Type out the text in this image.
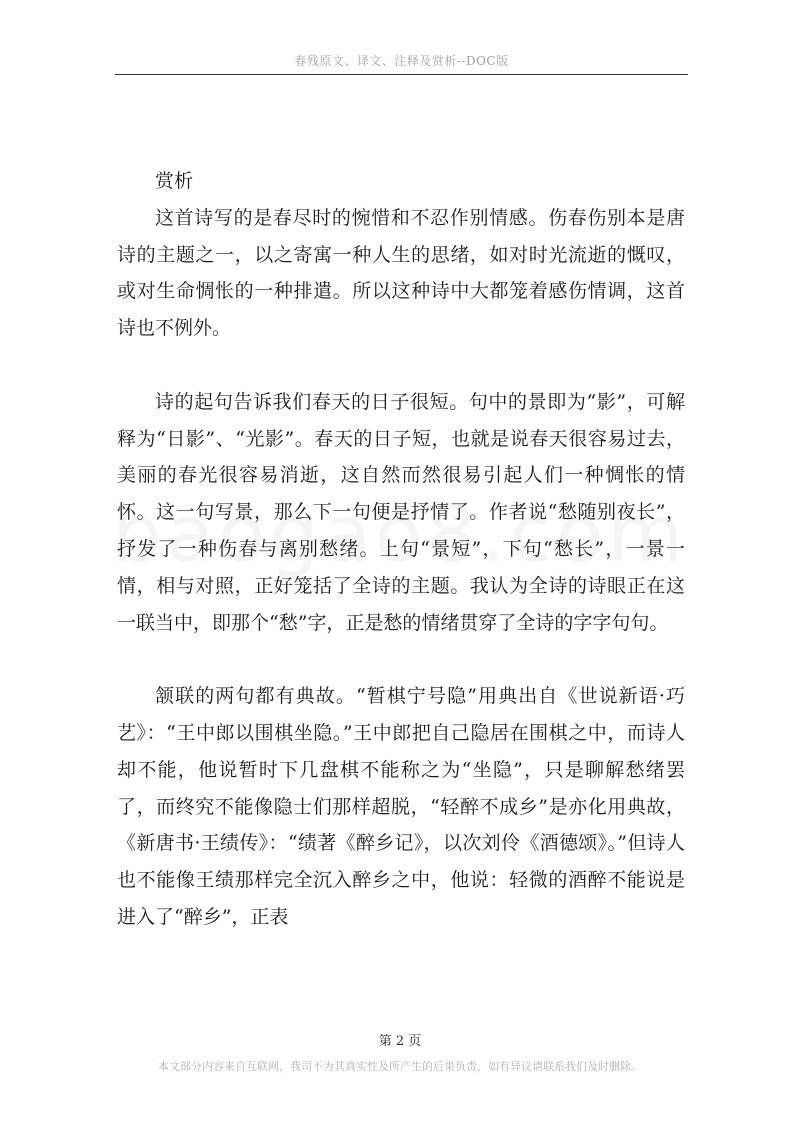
春残原文、译文、注释及赏析--DOC版

赏析

这首诗写的是春尽时的惋惜和不忍作别情感。伤春伤别本是唐诗的主题之一，以之寄寓一种人生的思绪，如对时光流逝的慨叹，或对生命惆怅的一种排遣。所以这种诗中大都笼着感伤情调，这首诗也不例外。

诗的起句告诉我们春天的日子很短。句中的景即为“影”，可解释为“日影”、“光影”。春天的日子短，也就是说春天很容易过去，美丽的春光很容易消逝，这自然而然很易引起人们一种惆怅的情怀。这一句写景，那么下一句便是抒情了。作者说“愁随别夜长”，抒发了一种伤春与离别愁绪。上句“景短”，下句“愁长”，一景一情，相与对照，正好笼括了全诗的主题。我认为全诗的诗眼正在这一联当中，即那个“愁”字，正是愁的情绪贯穿了全诗的字字句句。

颔联的两句都有典故。“暂棋宁号隐”用典出自《世说新语·巧艺》：“王中郎以围棋坐隐。”王中郎把自己隐居在围棋之中，而诗人却不能，他说暂时下几盘棋不能称之为“坐隐”，只是聊解愁绪罢了，而终究不能像隐士们那样超脱，“轻醉不成乡”是亦化用典故，《新唐书·王绩传》：“绩著《醉乡记》，以次刘伶《酒德颂》。”但诗人也不能像王绩那样完全沉入醉乡之中，他说：轻微的酒醉不能说是进入了“醉乡”，正表

第 2 页
本文部分内容来自互联网，我司不为其真实性及所产生的后果负责，如有异议请联系我们及时删除。
